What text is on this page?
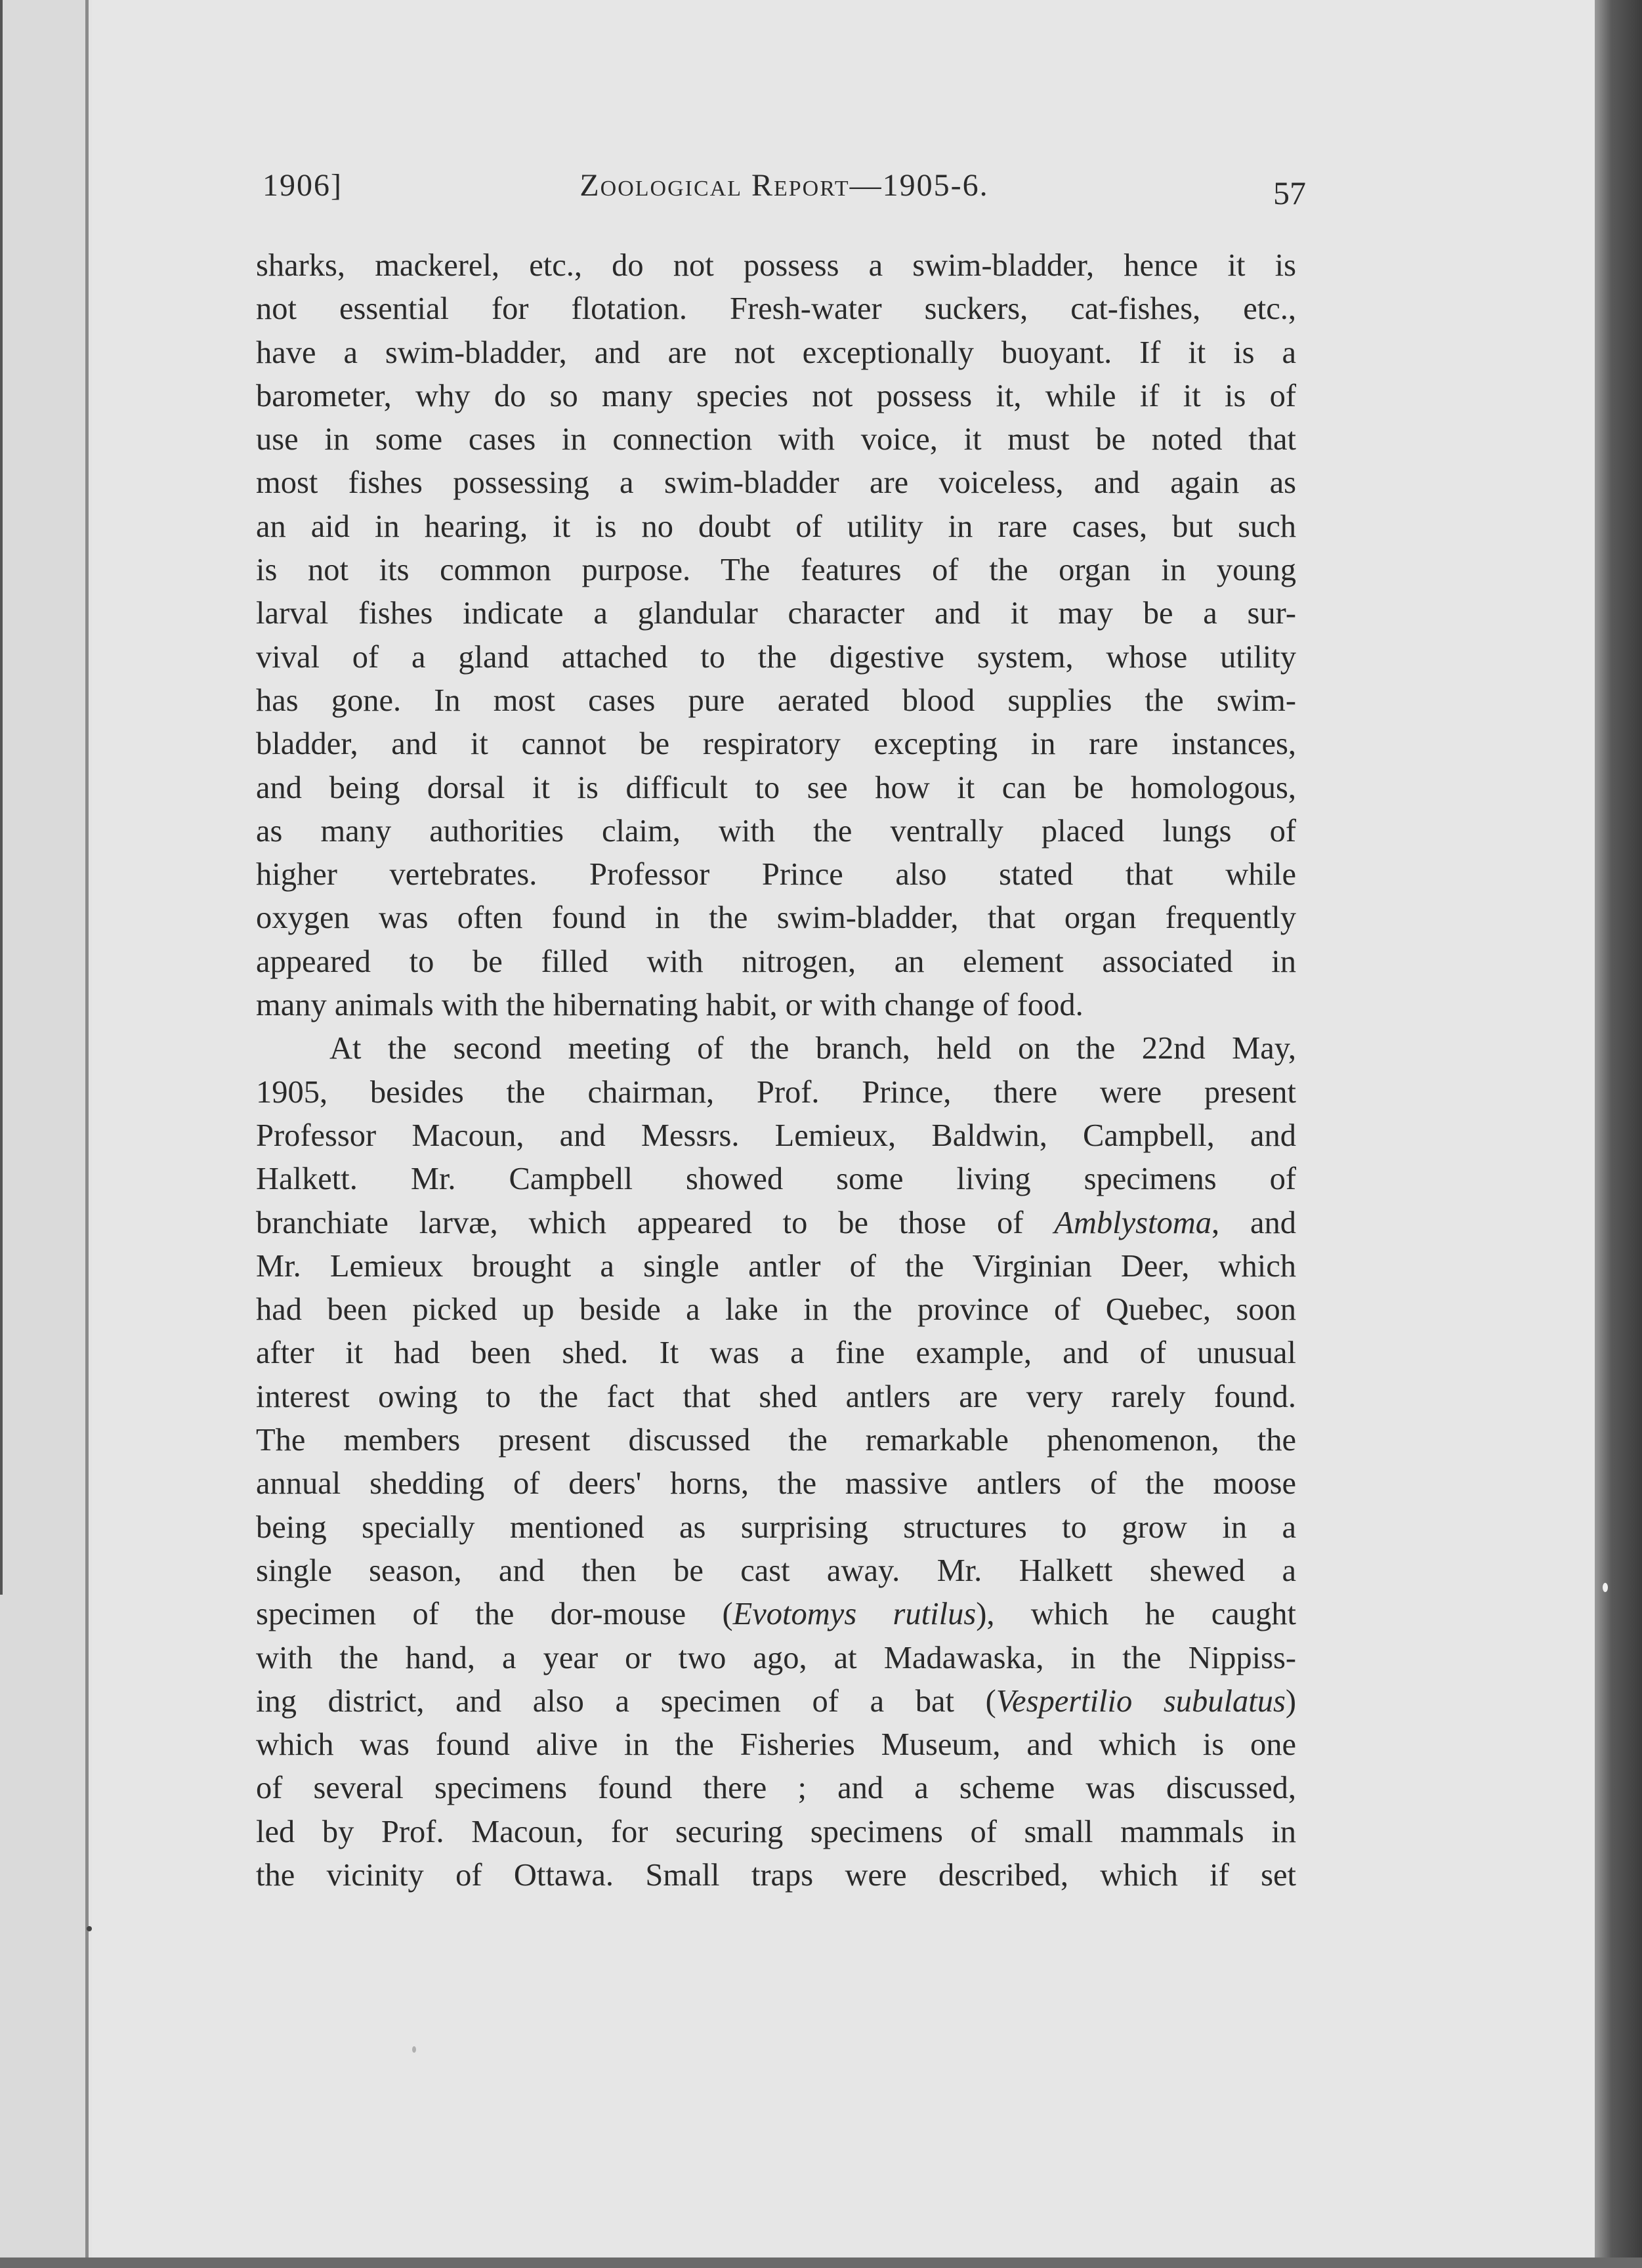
1906]	Zoological Report—1905-6.	57
sharks, mackerel, etc., do not possess a swim-bladder, hence it is
not essential for flotation. Fresh-water suckers, cat-fishes, etc.,
have a swim-bladder, and are not exceptionally buoyant. If it is a
barometer, why do so many species not possess it, while if it is of
use in some cases in connection with voice, it must be noted that
most fishes possessing a swim-bladder are voiceless, and again as
an aid in hearing, it is no doubt of utility in rare cases, but such
is not its common purpose. The features of the organ in young
larval fishes indicate a glandular character and it may be a sur-
vival of a gland attached to the digestive system, whose utility
has gone. In most cases pure aerated blood supplies the swim-
bladder, and it cannot be respiratory excepting in rare instances,
and being dorsal it is difficult to see how it can be homologous,
as many authorities claim, with the ventrally placed lungs of
higher vertebrates. Professor Prince also stated that while
oxygen was often found in the swim-bladder, that organ frequently
appeared to be filled with nitrogen, an element associated in
many animals with the hibernating habit, or with change of food.
At the second meeting of the branch, held on the 22nd May,
1905, besides the chairman, Prof. Prince, there were present
Professor Macoun, and Messrs. Lemieux, Baldwin, Campbell, and
Halkett. Mr. Campbell showed some living specimens of
branchiate larvæ, which appeared to be those of Amblystoma, and
Mr. Lemieux brought a single antler of the Virginian Deer, which
had been picked up beside a lake in the province of Quebec, soon
after it had been shed. It was a fine example, and of unusual
interest owing to the fact that shed antlers are very rarely found.
The members present discussed the remarkable phenomenon, the
annual shedding of deers' horns, the massive antlers of the moose
being specially mentioned as surprising structures to grow in a
single season, and then be cast away. Mr. Halkett shewed a
specimen of the dor-mouse (Evotomys rutilus), which he caught
with the hand, a year or two ago, at Madawaska, in the Nippiss-
ing district, and also a specimen of a bat (Vespertilio subulatus)
which was found alive in the Fisheries Museum, and which is one
of several specimens found there ; and a scheme was discussed,
led by Prof. Macoun, for securing specimens of small mammals in
the vicinity of Ottawa. Small traps were described, which if set
